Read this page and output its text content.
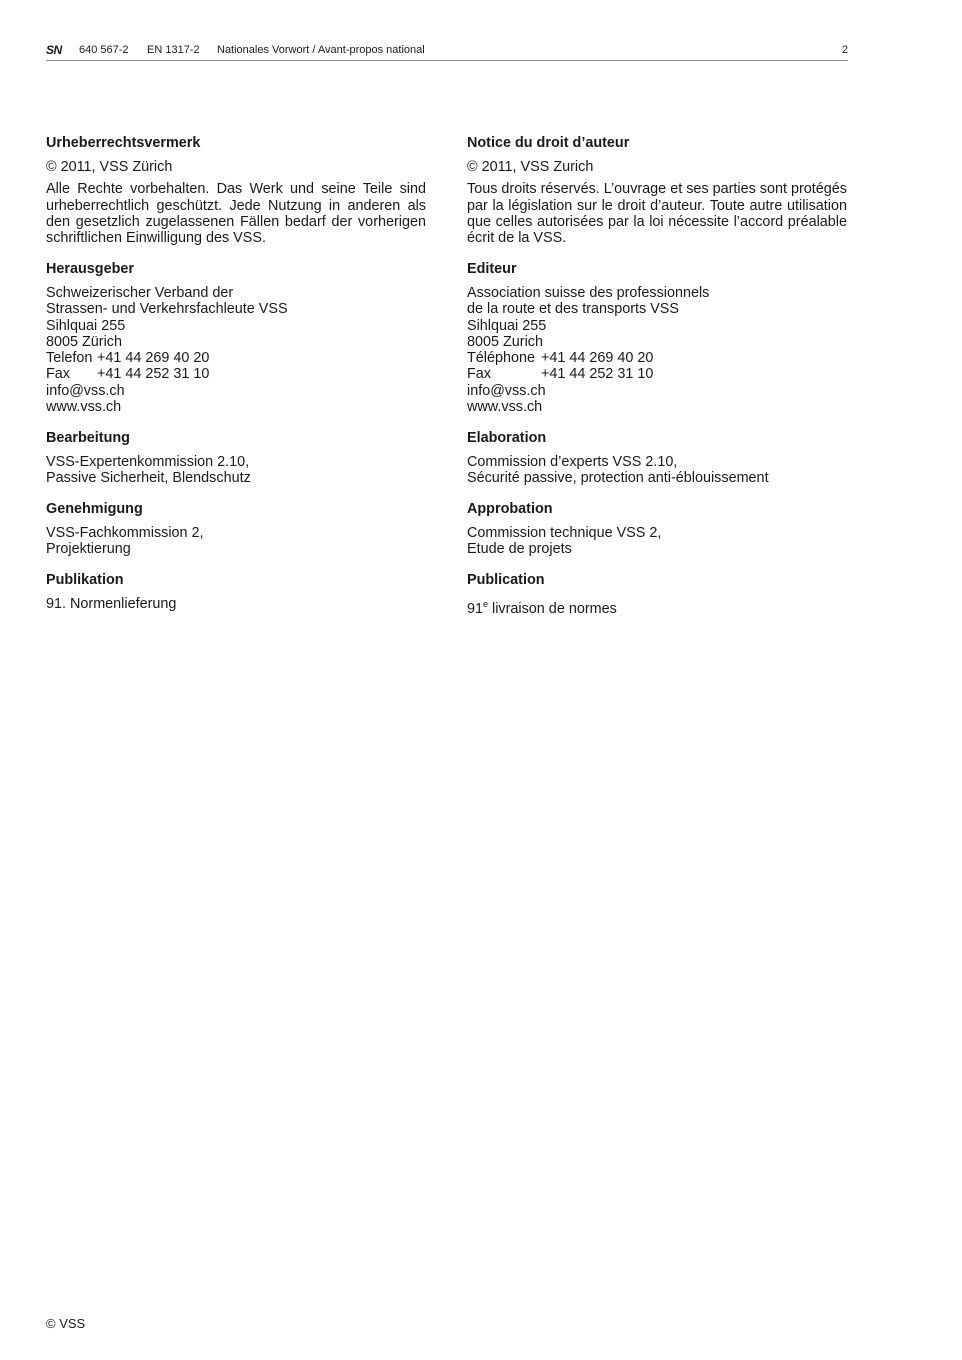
SN 640 567-2 EN 1317-2 Nationales Vorwort / Avant-propos national	2
Urheberrechtsvermerk

© 2011, VSS Zürich

Alle Rechte vorbehalten. Das Werk und seine Teile sind urheberrechtlich geschützt. Jede Nutzung in anderen als den gesetzlich zugelassenen Fällen bedarf der vorherigen schriftlichen Einwilligung des VSS.

Herausgeber
Schweizerischer Verband der
Strassen- und Verkehrsfachleute VSS
Sihlquai 255
8005 Zürich
Telefon +41 44 269 40 20
Fax	+41 44 252 31 10
info@vss.ch
www.vss.ch
Bearbeitung
VSS-Expertenkommission 2.10,
Passive Sicherheit, Blendschutz
Genehmigung
VSS-Fachkommission 2,
Projektierung
Publikation
91. Normenlieferung
Notice du droit d’auteur

© 2011, VSS Zurich

Tous droits réservés. L’ouvrage et ses parties sont protégés par la législation sur le droit d’auteur. Toute autre utilisation que celles autorisées par la loi nécessite l’accord préalable écrit de la VSS.

Editeur
Association suisse des professionnels
de la route et des transports VSS
Sihlquai 255
8005 Zurich
Téléphone +41 44 269 40 20
Fax	+41 44 252 31 10
info@vss.ch
www.vss.ch
Elaboration
Commission d’experts VSS 2.10,
Sécurité passive, protection anti-éblouissement
Approbation
Commission technique VSS 2,
Etude de projets
Publication
91e livraison de normes
© VSS
